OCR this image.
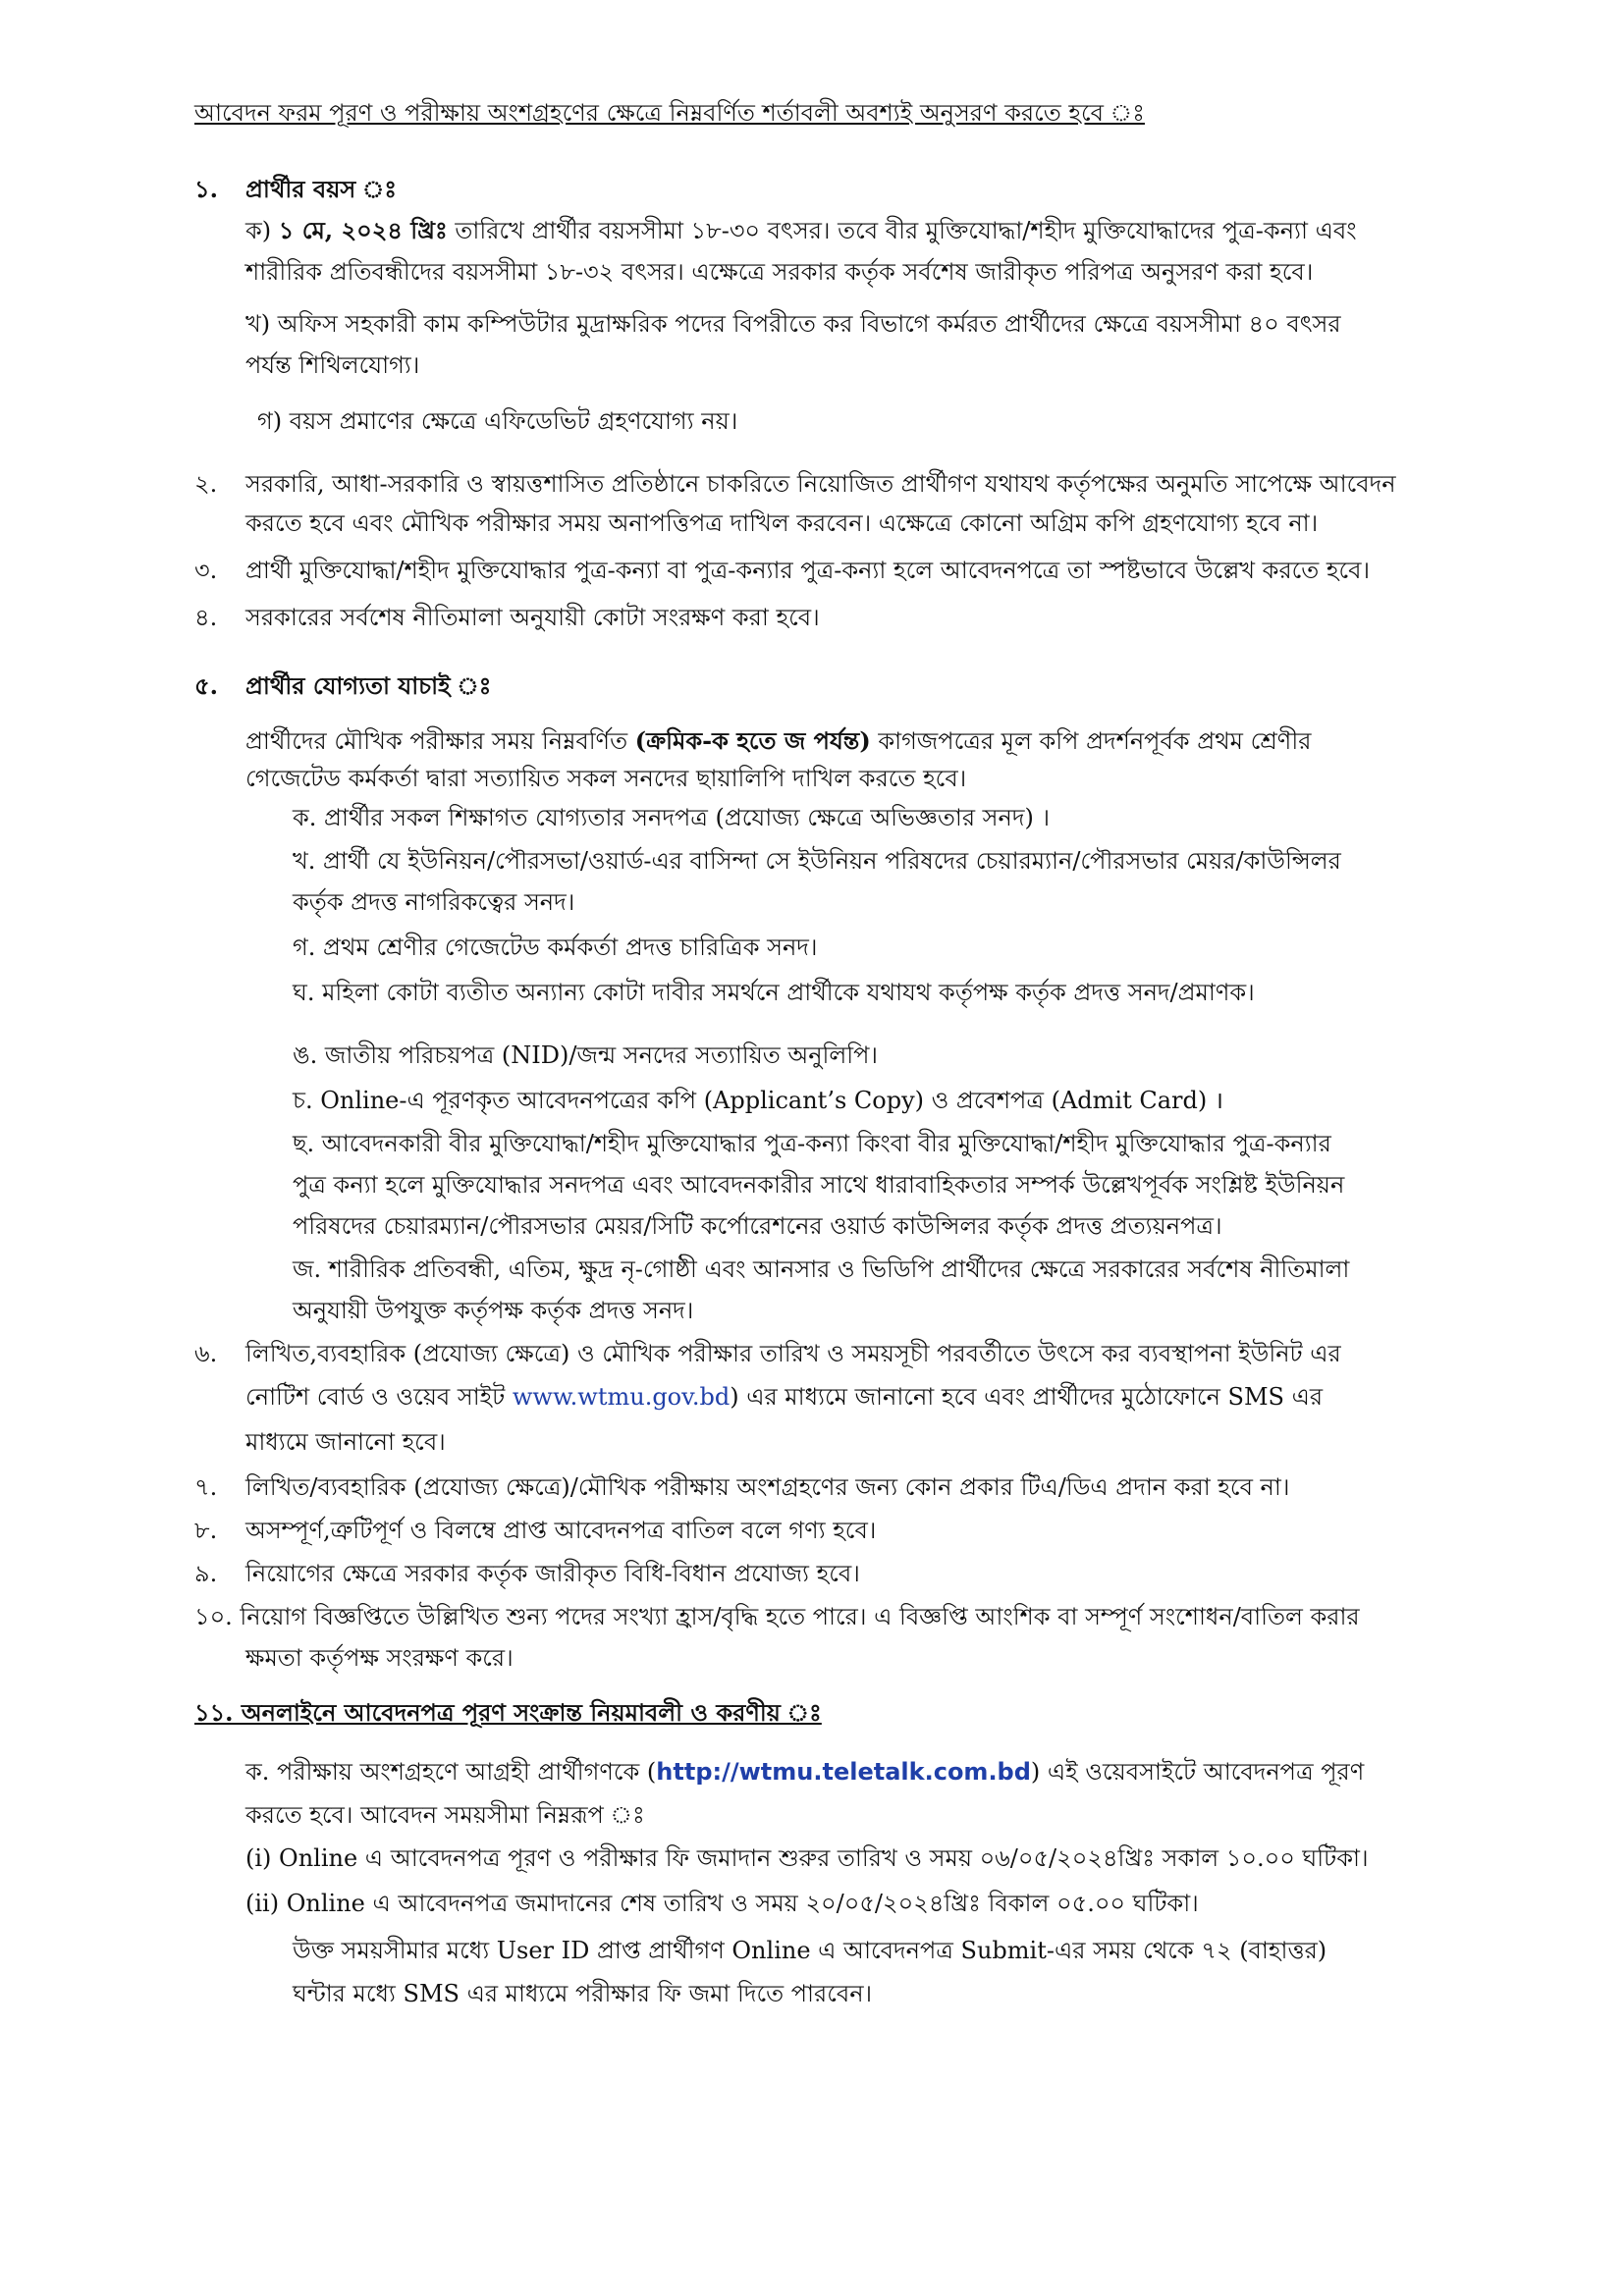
আবেদন ফরম পূরণ ও পরীক্ষায় অংশগ্রহণের ক্ষেত্রে নিম্নবর্ণিত শর্তাবলী অবশ্যই অনুসরণ করতে হবে ঃ
১. প্রার্থীর বয়স ঃ
ক) ১ মে, ২০২৪ খ্রিঃ তারিখে প্রার্থীর বয়সসীমা ১৮-৩০ বৎসর। তবে বীর মুক্তিযোদ্ধা/শহীদ মুক্তিযোদ্ধাদের পুত্র-কন্যা এবং
শারীরিক প্রতিবন্ধীদের বয়সসীমা ১৮-৩২ বৎসর। এক্ষেত্রে সরকার কর্তৃক সর্বশেষ জারীকৃত পরিপত্র অনুসরণ করা হবে।
খ) অফিস সহকারী কাম কম্পিউটার মুদ্রাক্ষরিক পদের বিপরীতে কর বিভাগে কর্মরত প্রার্থীদের ক্ষেত্রে বয়সসীমা ৪০ বৎসর
পর্যন্ত শিথিলযোগ্য।
গ) বয়স প্রমাণের ক্ষেত্রে এফিডেভিট গ্রহণযোগ্য নয়।
২. সরকারি, আধা-সরকারি ও স্বায়ত্তশাসিত প্রতিষ্ঠানে চাকরিতে নিয়োজিত প্রার্থীগণ যথাযথ কর্তৃপক্ষের অনুমতি সাপেক্ষে আবেদন
করতে হবে এবং মৌখিক পরীক্ষার সময় অনাপত্তিপত্র দাখিল করবেন। এক্ষেত্রে কোনো অগ্রিম কপি গ্রহণযোগ্য হবে না।
৩. প্রার্থী মুক্তিযোদ্ধা/শহীদ মুক্তিযোদ্ধার পুত্র-কন্যা বা পুত্র-কন্যার পুত্র-কন্যা হলে আবেদনপত্রে তা স্পষ্টভাবে উল্লেখ করতে হবে।
৪. সরকারের সর্বশেষ নীতিমালা অনুযায়ী কোটা সংরক্ষণ করা হবে।
৫. প্রার্থীর যোগ্যতা যাচাই ঃ
প্রার্থীদের মৌখিক পরীক্ষার সময় নিম্নবর্ণিত (ক্রমিক-ক হতে জ পর্যন্ত) কাগজপত্রের মূল কপি প্রদর্শনপূর্বক প্রথম শ্রেণীর
গেজেটেড কর্মকর্তা দ্বারা সত্যায়িত সকল সনদের ছায়ালিপি দাখিল করতে হবে।
ক. প্রার্থীর সকল শিক্ষাগত যোগ্যতার সনদপত্র (প্রযোজ্য ক্ষেত্রে অভিজ্ঞতার সনদ) ।
খ. প্রার্থী যে ইউনিয়ন/পৌরসভা/ওয়ার্ড-এর বাসিন্দা সে ইউনিয়ন পরিষদের চেয়ারম্যান/পৌরসভার মেয়র/কাউন্সিলর
কর্তৃক প্রদত্ত নাগরিকত্বের সনদ।
গ. প্রথম শ্রেণীর গেজেটেড কর্মকর্তা প্রদত্ত চারিত্রিক সনদ।
ঘ. মহিলা কোটা ব্যতীত অন্যান্য কোটা দাবীর সমর্থনে প্রার্থীকে যথাযথ কর্তৃপক্ষ কর্তৃক প্রদত্ত সনদ/প্রমাণক।
ঙ. জাতীয় পরিচয়পত্র (NID)/জন্ম সনদের সত্যায়িত অনুলিপি।
চ. Online-এ পূরণকৃত আবেদনপত্রের কপি (Applicant’s Copy) ও প্রবেশপত্র (Admit Card) ।
ছ. আবেদনকারী বীর মুক্তিযোদ্ধা/শহীদ মুক্তিযোদ্ধার পুত্র-কন্যা কিংবা বীর মুক্তিযোদ্ধা/শহীদ মুক্তিযোদ্ধার পুত্র-কন্যার
পুত্র কন্যা হলে মুক্তিযোদ্ধার সনদপত্র এবং আবেদনকারীর সাথে ধারাবাহিকতার সম্পর্ক উল্লেখপূর্বক সংশ্লিষ্ট ইউনিয়ন
পরিষদের চেয়ারম্যান/পৌরসভার মেয়র/সিটি কর্পোরেশনের ওয়ার্ড কাউন্সিলর কর্তৃক প্রদত্ত প্রত্যয়নপত্র।
জ. শারীরিক প্রতিবন্ধী, এতিম, ক্ষুদ্র নৃ-গোষ্ঠী এবং আনসার ও ভিডিপি প্রার্থীদের ক্ষেত্রে সরকারের সর্বশেষ নীতিমালা
অনুযায়ী উপযুক্ত কর্তৃপক্ষ কর্তৃক প্রদত্ত সনদ।
৬. লিখিত,ব্যবহারিক (প্রযোজ্য ক্ষেত্রে) ও মৌখিক পরীক্ষার তারিখ ও সময়সূচী পরবর্তীতে উৎসে কর ব্যবস্থাপনা ইউনিট এর
নোটিশ বোর্ড ও ওয়েব সাইট www.wtmu.gov.bd) এর মাধ্যমে জানানো হবে এবং প্রার্থীদের মুঠোফোনে SMS এর
মাধ্যমে জানানো হবে।
৭. লিখিত/ব্যবহারিক (প্রযোজ্য ক্ষেত্রে)/মৌখিক পরীক্ষায় অংশগ্রহণের জন্য কোন প্রকার টিএ/ডিএ প্রদান করা হবে না।
৮. অসম্পূর্ণ,ত্রুটিপূর্ণ ও বিলম্বে প্রাপ্ত আবেদনপত্র বাতিল বলে গণ্য হবে।
৯. নিয়োগের ক্ষেত্রে সরকার কর্তৃক জারীকৃত বিধি-বিধান প্রযোজ্য হবে।
১০. নিয়োগ বিজ্ঞপ্তিতে উল্লিখিত শুন্য পদের সংখ্যা হ্রাস/বৃদ্ধি হতে পারে। এ বিজ্ঞপ্তি আংশিক বা সম্পূর্ণ সংশোধন/বাতিল করার
ক্ষমতা কর্তৃপক্ষ সংরক্ষণ করে।
১১. অনলাইনে আবেদনপত্র পূরণ সংক্রান্ত নিয়মাবলী ও করণীয় ঃ
ক. পরীক্ষায় অংশগ্রহণে আগ্রহী প্রার্থীগণকে (http://wtmu.teletalk.com.bd) এই ওয়েবসাইটে আবেদনপত্র পূরণ
করতে হবে। আবেদন সময়সীমা নিম্নরূপ ঃ
(i) Online এ আবেদনপত্র পূরণ ও পরীক্ষার ফি জমাদান শুরুর তারিখ ও সময় ০৬/০৫/২০২৪খ্রিঃ সকাল ১০.০০ ঘটিকা।
(ii) Online এ আবেদনপত্র জমাদানের শেষ তারিখ ও সময় ২০/০৫/২০২৪খ্রিঃ বিকাল ০৫.০০ ঘটিকা।
উক্ত সময়সীমার মধ্যে User ID প্রাপ্ত প্রার্থীগণ Online এ আবেদনপত্র Submit-এর সময় থেকে ৭২ (বাহাত্তর)
ঘন্টার মধ্যে SMS এর মাধ্যমে পরীক্ষার ফি জমা দিতে পারবেন।
